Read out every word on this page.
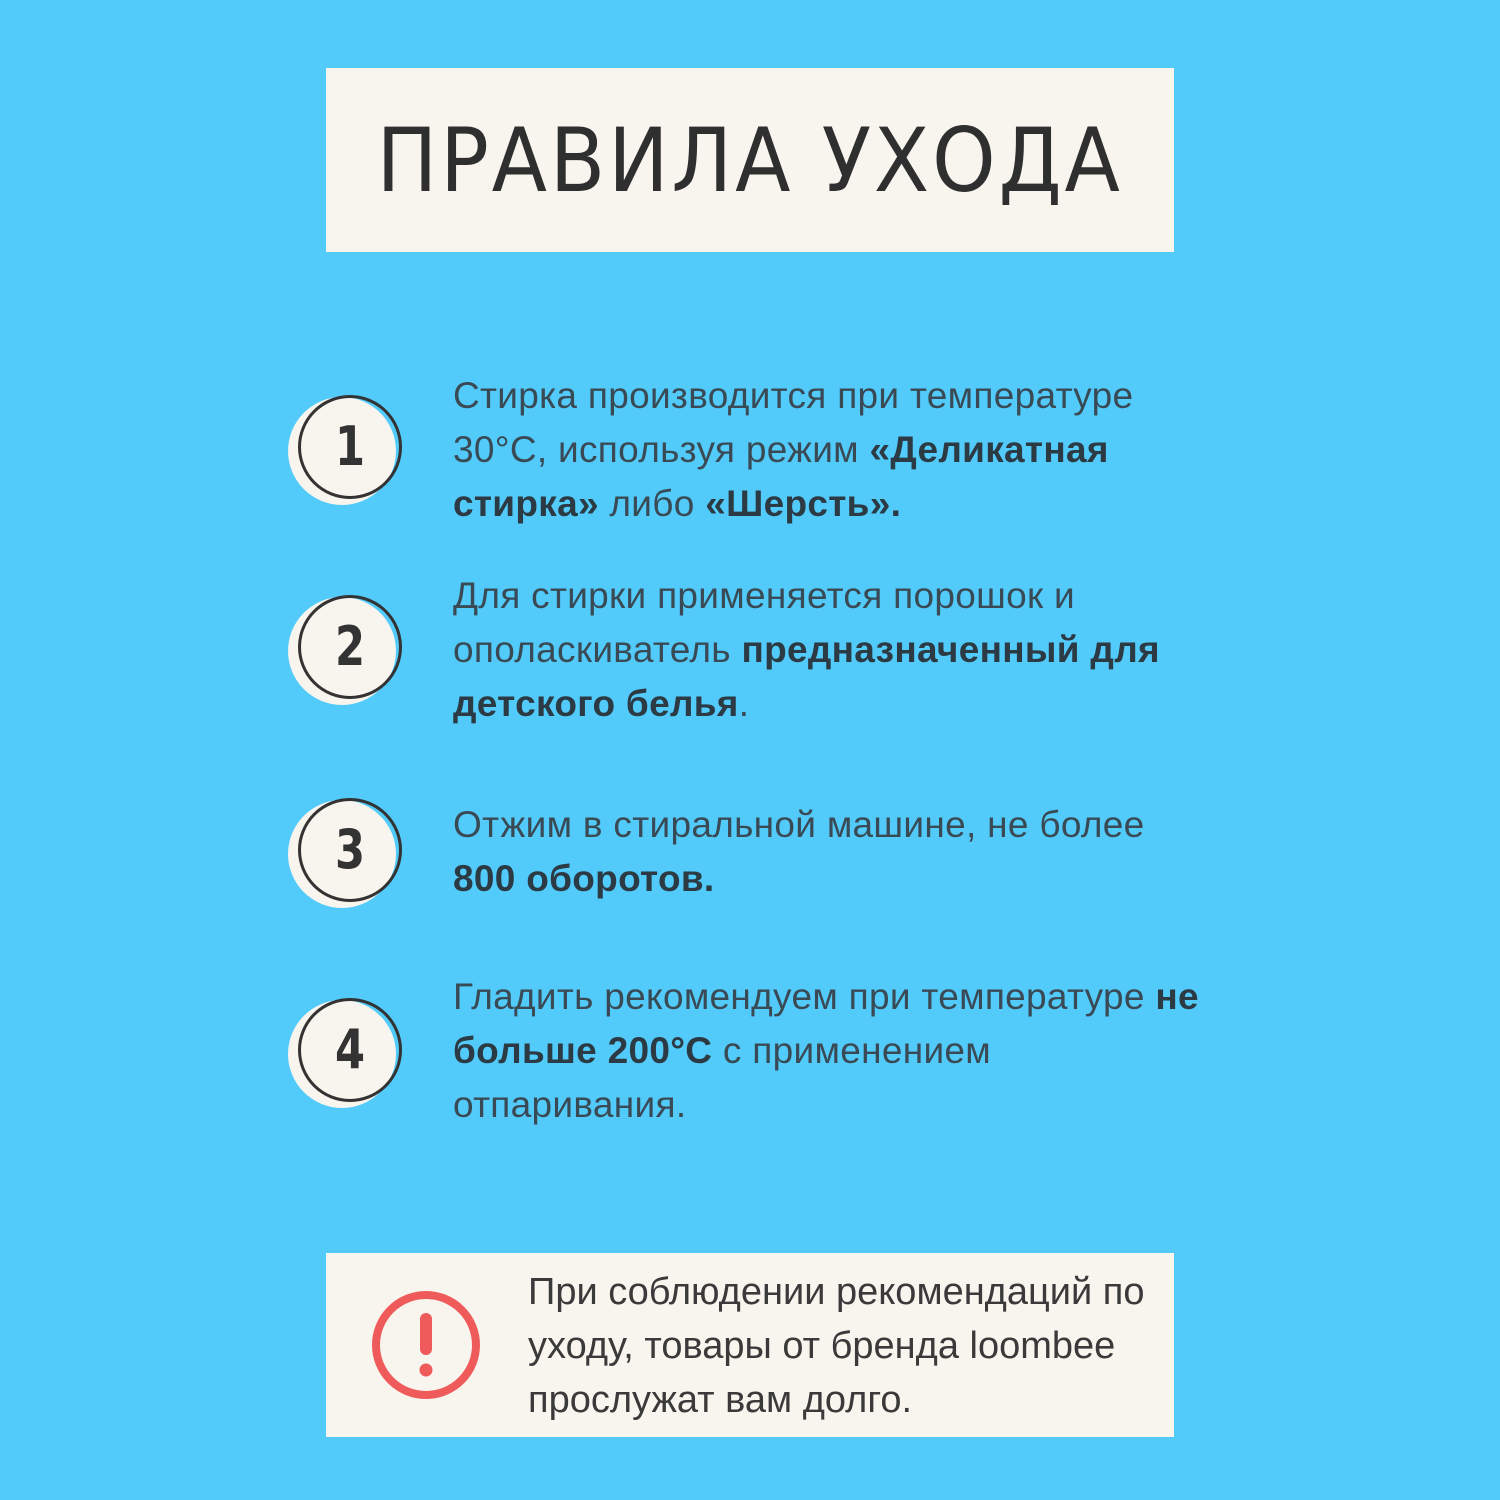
ПРАВИЛА УХОДА
1
Стирка производится при температуре 30°C, используя режим «Деликатная стирка» либо «Шерсть».
2
Для стирки применяется порошок и ополаскиватель предназначенный для детского белья.
3	Отжим в стиральной машине, не более 800 оборотов.
4
Гладить рекомендуем при температуре не больше 200°C с применением отпаривания.
При соблюдении рекомендаций по уходу, товары от бренда loombee прослужат вам долго.
